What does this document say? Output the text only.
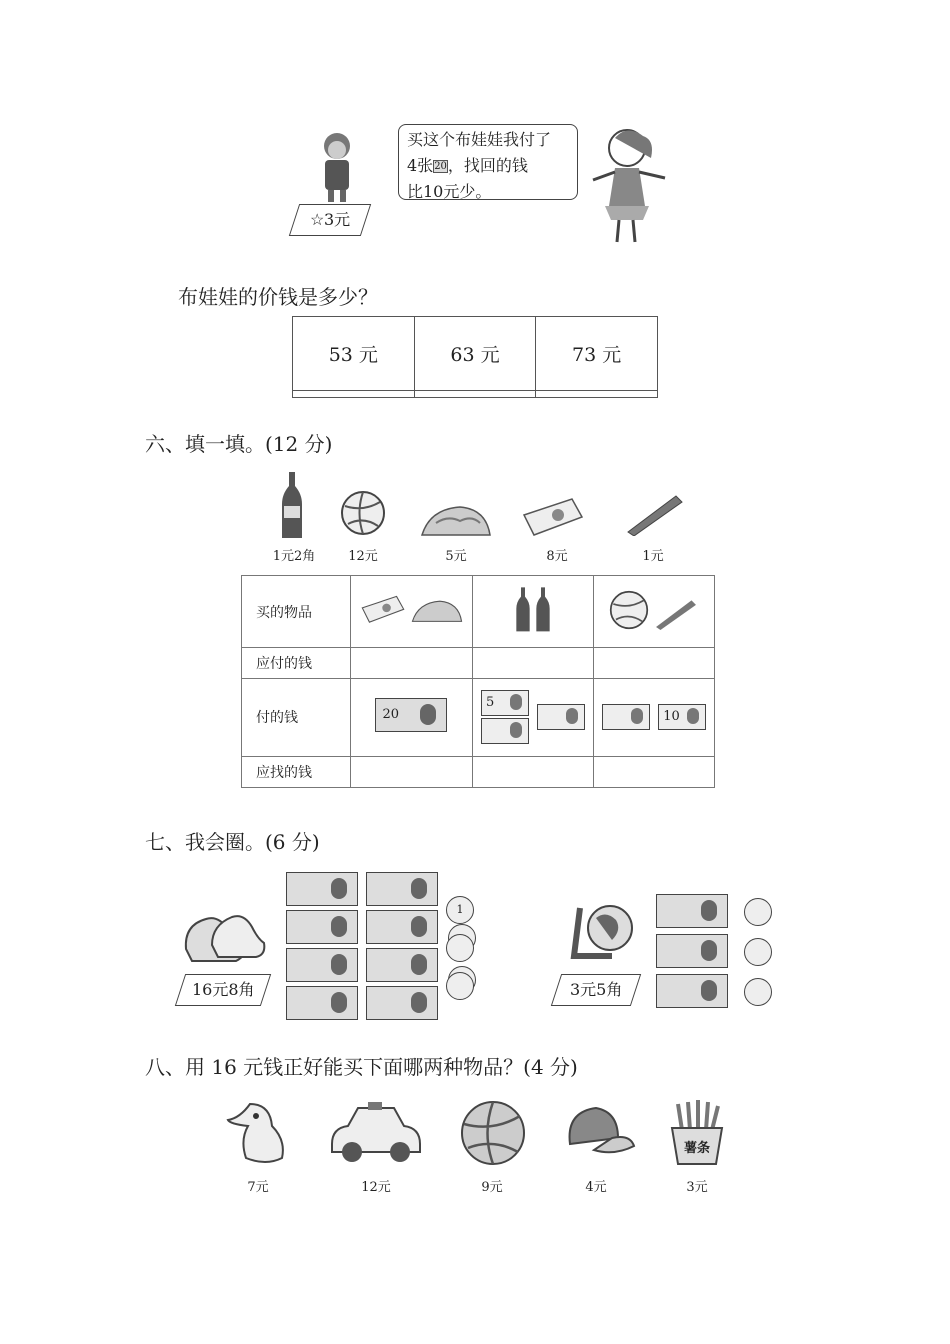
☆3元
买这个布娃娃我付了
4张20，找回的钱
比10元少。
布娃娃的价钱是多少？
53 元	63 元	73 元

六、填一填。(12 分)
1元2角	12元	5元	8元	1元
买的物品			
应付的钱			
付的钱	20	5	10

应找的钱			
七、我会圈。(6 分)
16元8角
1

3元5角
八、用 16 元钱正好能买下面哪两种物品？(4 分)
薯条
7元	12元	9元	4元	3元
